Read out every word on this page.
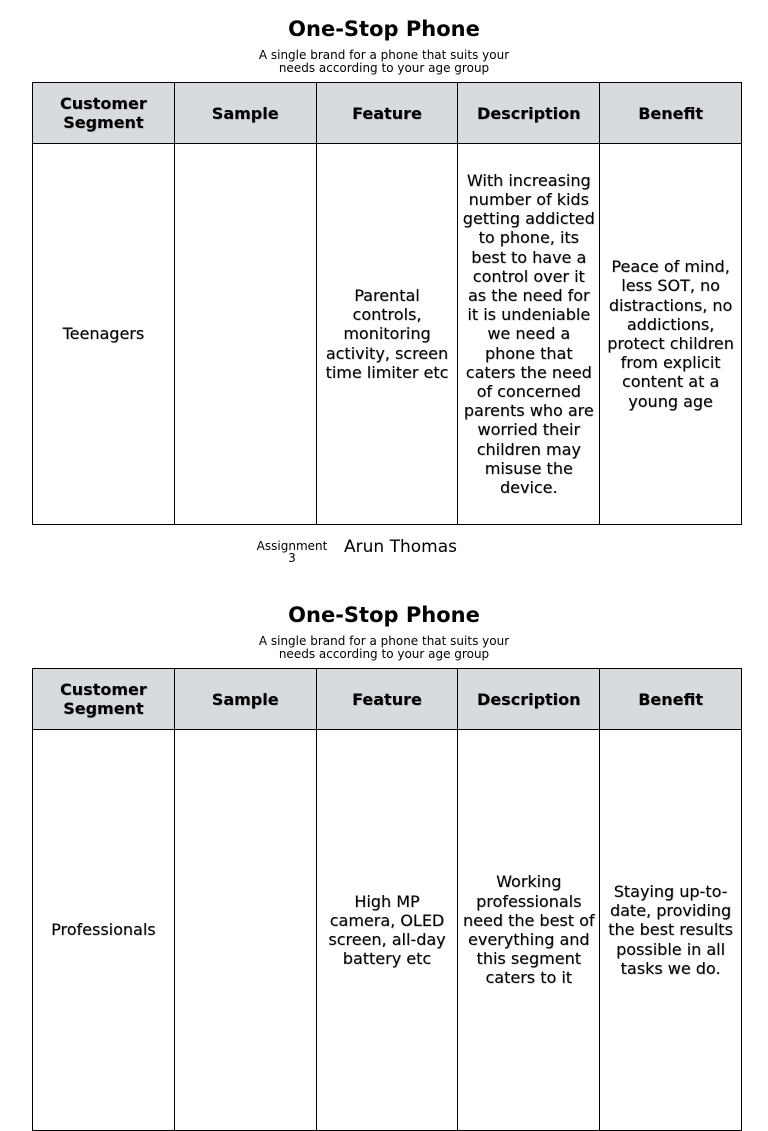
One-Stop Phone
A single brand for a phone that suits your needs according to your age group
Customer Segment	Sample	Feature	Description	Benefit
Teenagers		Parental controls, monitoring activity, screen time limiter etc	With increasing number of kids getting addicted to phone, its best to have a control over it as the need for it is undeniable we need a phone that caters the need of concerned parents who are worried their children may misuse the device.	Peace of mind, less SOT, no distractions, no addictions, protect children from explicit content at a young age
Assignment 3
Arun Thomas
One-Stop Phone
A single brand for a phone that suits your needs according to your age group
Customer Segment	Sample	Feature	Description	Benefit
Professionals		High MP camera, OLED screen, all-day battery etc	Working professionals need the best of everything and this segment caters to it	Staying up-to-date, providing the best results possible in all tasks we do.
